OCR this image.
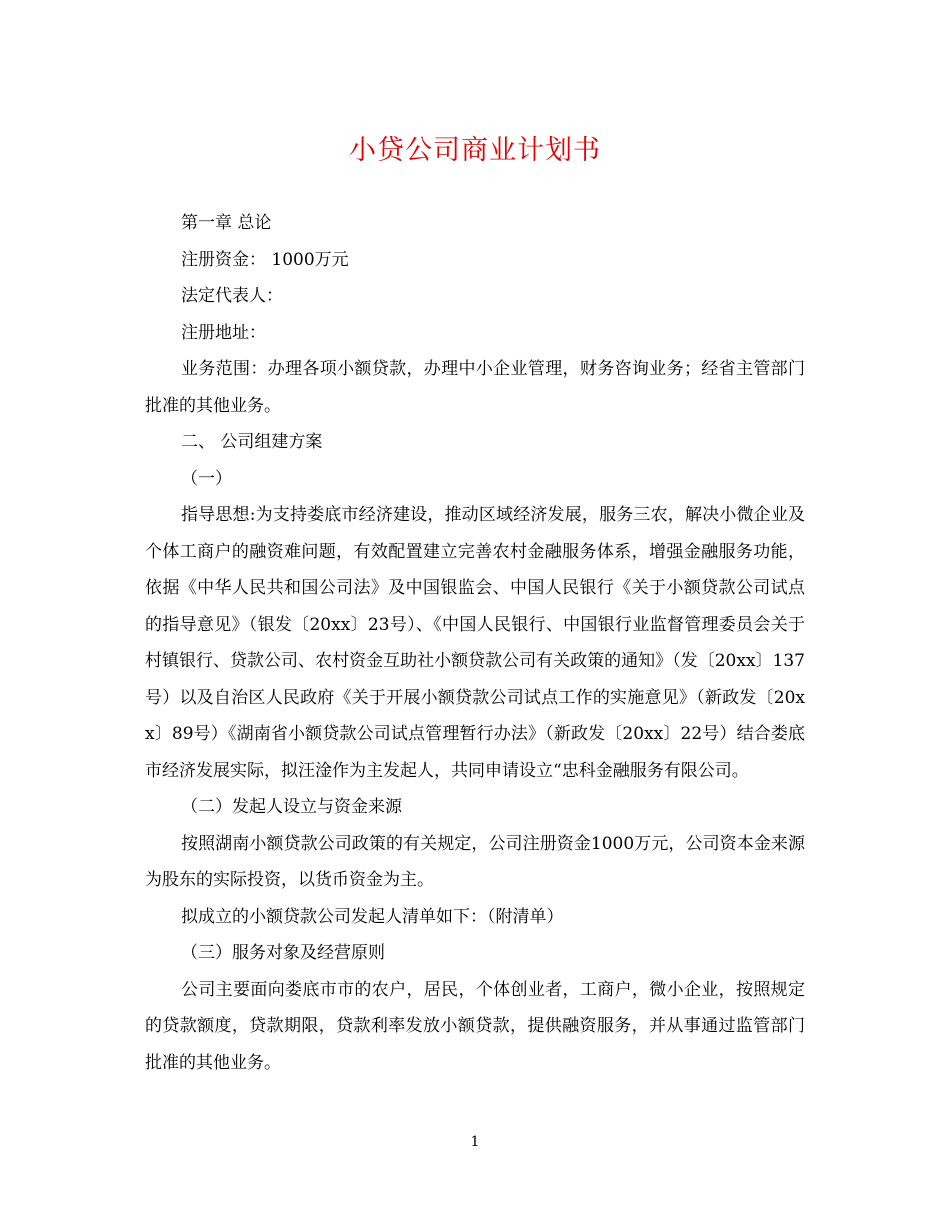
小贷公司商业计划书

第一章 总论

注册资金： 1000万元

法定代表人：

注册地址：

业务范围：办理各项小额贷款，办理中小企业管理，财务咨询业务；经省主管部门批准的其他业务。

二、 公司组建方案

（一）

指导思想:为支持娄底市经济建设，推动区域经济发展，服务三农，解决小微企业及个体工商户的融资难问题，有效配置建立完善农村金融服务体系，增强金融服务功能，依据《中华人民共和国公司法》及中国银监会、中国人民银行《关于小额贷款公司试点的指导意见》（银发〔20xx〕23号）、《中国人民银行、中国银行业监督管理委员会关于村镇银行、贷款公司、农村资金互助社小额贷款公司有关政策的通知》（发〔20xx〕137号）以及自治区人民政府《关于开展小额贷款公司试点工作的实施意见》（新政发〔20xx〕89号）《湖南省小额贷款公司试点管理暂行办法》（新政发〔20xx〕22号）结合娄底市经济发展实际，拟汪淦作为主发起人，共同申请设立“忠科金融服务有限公司。

（二）发起人设立与资金来源

按照湖南小额贷款公司政策的有关规定，公司注册资金1000万元，公司资本金来源为股东的实际投资，以货币资金为主。

拟成立的小额贷款公司发起人清单如下：（附清单）

（三）服务对象及经营原则

公司主要面向娄底市市的农户，居民，个体创业者，工商户，微小企业，按照规定的贷款额度，贷款期限，贷款利率发放小额贷款，提供融资服务，并从事通过监管部门批准的其他业务。

1
